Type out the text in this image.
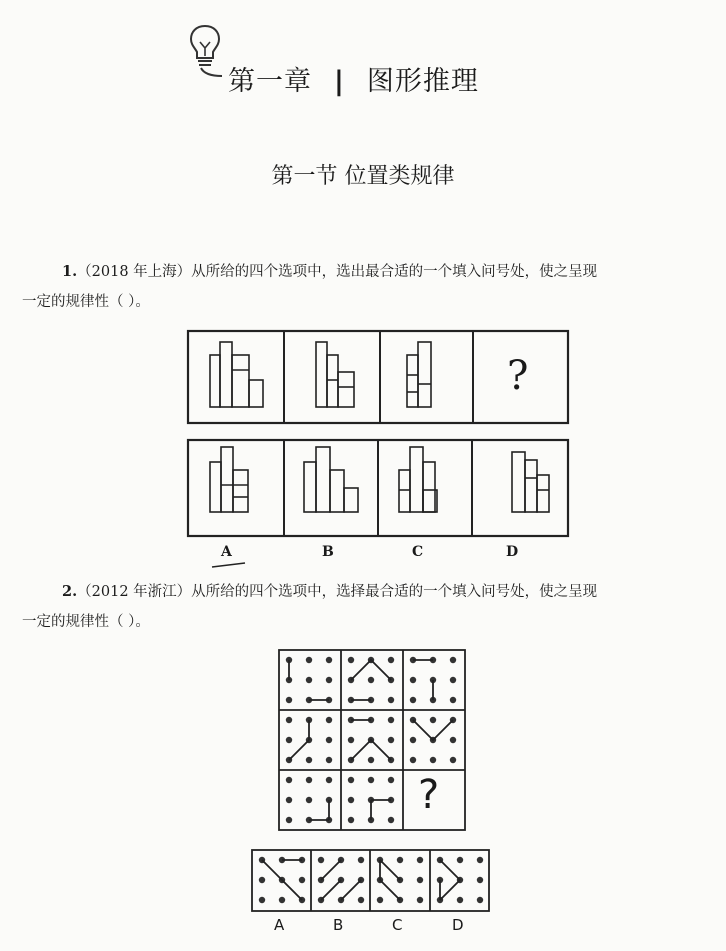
第一章 | 图形推理
第一节 位置类规律
1.（2018 年上海）从所给的四个选项中，选出最合适的一个填入问号处，使之呈现
一定的规律性（ ）。
?
?
A	B	C	D
2.（2012 年浙江）从所给的四个选项中，选择最合适的一个填入问号处，使之呈现
一定的规律性（ ）。
A	B	C	D
